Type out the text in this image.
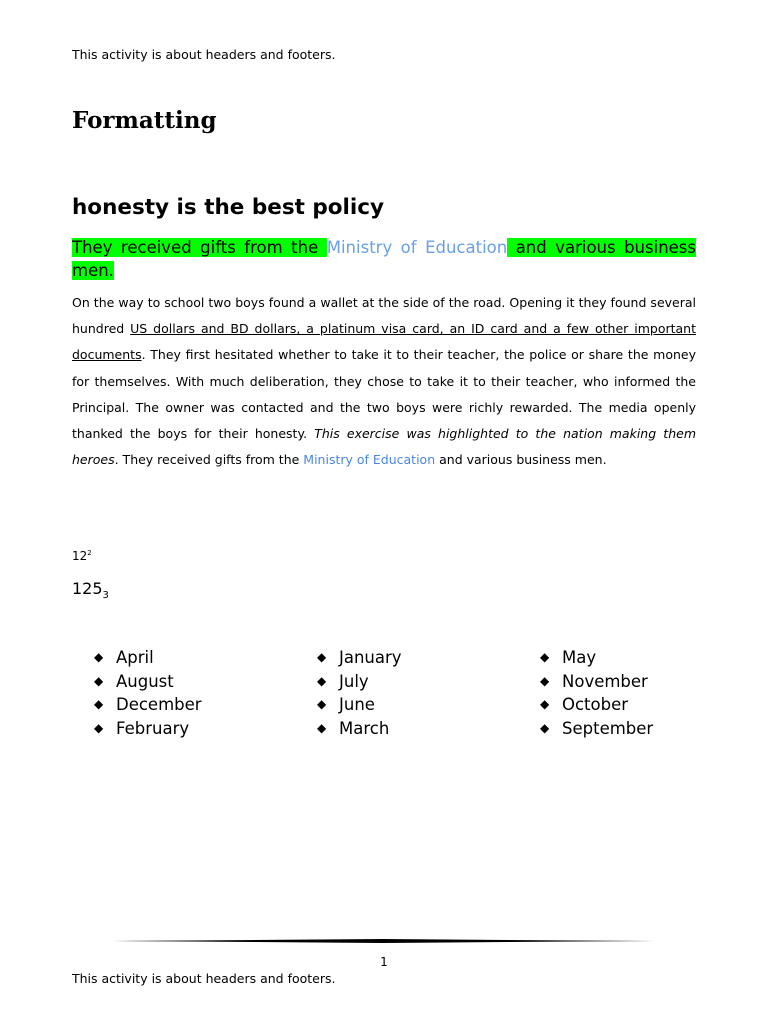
This activity is about headers and footers.
Formatting
honesty is the best policy

They received gifts from the Ministry of Education and various business men.

On the way to school two boys found a wallet at the side of the road. Opening it they found several hundred US dollars and BD dollars, a platinum visa card, an ID card and a few other important documents. They first hesitated whether to take it to their teacher, the police or share the money for themselves. With much deliberation, they chose to take it to their teacher, who informed the Principal. The owner was contacted and the two boys were richly rewarded. The media openly thanked the boys for their honesty. This exercise was highlighted to the nation making them heroes. They received gifts from the Ministry of Education and various business men.

$12^2$
$125_3$
◆ April
◆ August
◆ December
◆ February
◆ January
◆ July
◆ June
◆ March
◆ May
◆ November
◆ October
◆ September
1
This activity is about headers and footers.
